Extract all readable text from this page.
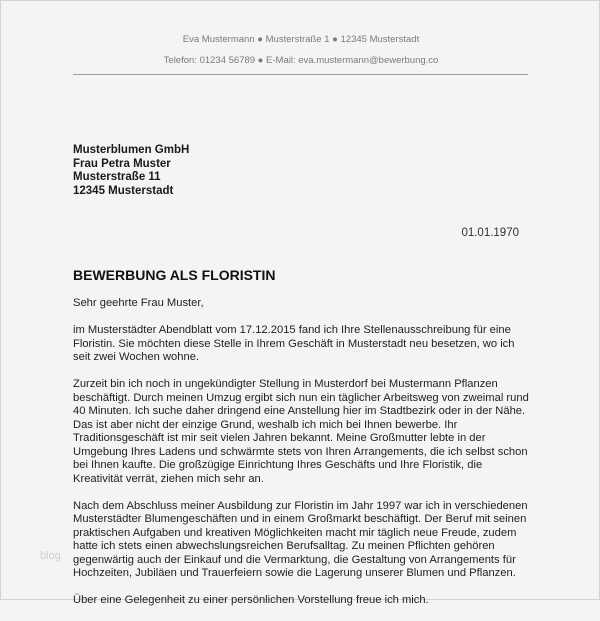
Eva Mustermann ● Musterstraße 1 ● 12345 Musterstadt
Telefon: 01234 56789 ● E-Mail: eva.mustermann@bewerbung.co
Musterblumen GmbH
Frau Petra Muster
Musterstraße 11
12345 Musterstadt
01.01.1970
BEWERBUNG ALS FLORISTIN

Sehr geehrte Frau Muster,

im Musterstädter Abendblatt vom 17.12.2015 fand ich Ihre Stellenausschreibung für eine Floristin. Sie möchten diese Stelle in Ihrem Geschäft in Musterstadt neu besetzen, wo ich seit zwei Wochen wohne.

Zurzeit bin ich noch in ungekündigter Stellung in Musterdorf bei Mustermann Pflanzen beschäftigt. Durch meinen Umzug ergibt sich nun ein täglicher Arbeitsweg von zweimal rund 40 Minuten. Ich suche daher dringend eine Anstellung hier im Stadtbezirk oder in der Nähe. Das ist aber nicht der einzige Grund, weshalb ich mich bei Ihnen bewerbe. Ihr Traditionsgeschäft ist mir seit vielen Jahren bekannt. Meine Großmutter lebte in der Umgebung Ihres Ladens und schwärmte stets von Ihren Arrangements, die ich selbst schon bei Ihnen kaufte. Die großzügige Einrichtung Ihres Geschäfts und Ihre Floristik, die Kreativität verrät, ziehen mich sehr an.

Nach dem Abschluss meiner Ausbildung zur Floristin im Jahr 1997 war ich in verschiedenen Musterstädter Blumengeschäften und in einem Großmarkt beschäftigt. Der Beruf mit seinen praktischen Aufgaben und kreativen Möglichkeiten macht mir täglich neue Freude, zudem hatte ich stets einen abwechslungsreichen Berufsalltag. Zu meinen Pflichten gehören gegenwärtig auch der Einkauf und die Vermarktung, die Gestaltung von Arrangements für Hochzeiten, Jubiläen und Trauerfeiern sowie die Lagerung unserer Blumen und Pflanzen.

Über eine Gelegenheit zu einer persönlichen Vorstellung freue ich mich.

blog
